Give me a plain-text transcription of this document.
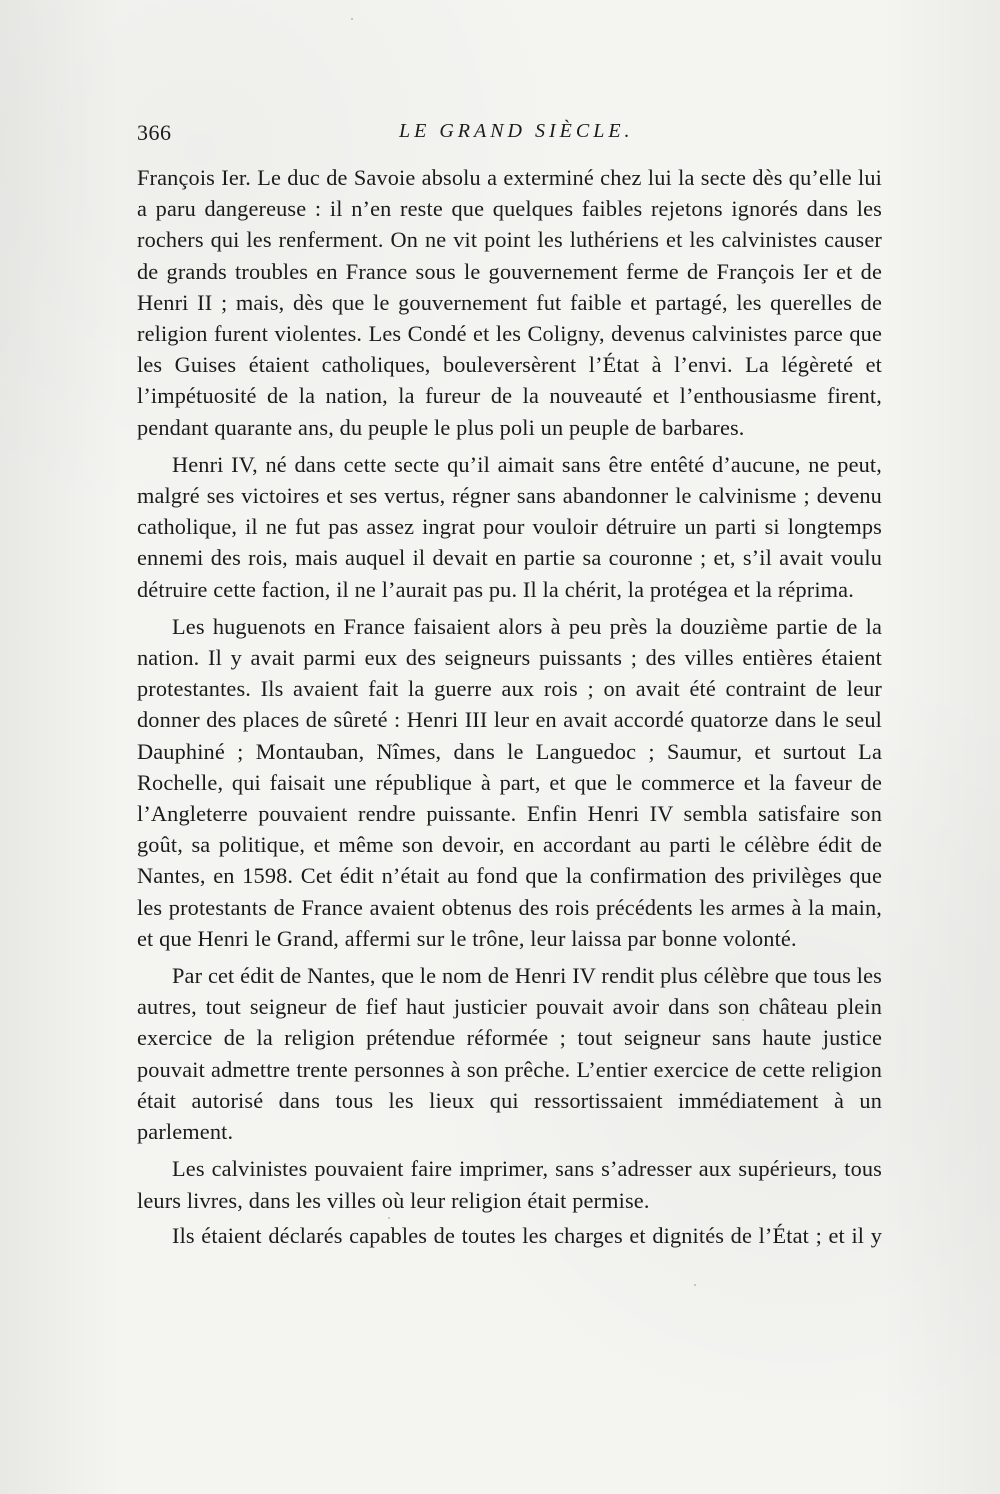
366	LE GRAND SIÈCLE.

François Ier. Le duc de Savoie absolu a exterminé chez lui la secte dès qu’elle lui a paru dangereuse : il n’en reste que quelques faibles rejetons ignorés dans les rochers qui les renferment. On ne vit point les luthériens et les calvinistes causer de grands troubles en France sous le gouvernement ferme de François Ier et de Henri II ; mais, dès que le gouvernement fut faible et partagé, les querelles de religion furent violentes. Les Condé et les Coligny, devenus calvinistes parce que les Guises étaient catholiques, bouleversèrent l’État à l’envi. La légèreté et l’impétuosité de la nation, la fureur de la nouveauté et l’enthousiasme firent, pendant quarante ans, du peuple le plus poli un peuple de barbares.

Henri IV, né dans cette secte qu’il aimait sans être entêté d’aucune, ne peut, malgré ses victoires et ses vertus, régner sans abandonner le calvinisme ; devenu catholique, il ne fut pas assez ingrat pour vouloir détruire un parti si longtemps ennemi des rois, mais auquel il devait en partie sa couronne ; et, s’il avait voulu détruire cette faction, il ne l’aurait pas pu. Il la chérit, la protégea et la réprima.

Les huguenots en France faisaient alors à peu près la douzième partie de la nation. Il y avait parmi eux des seigneurs puissants ; des villes entières étaient protestantes. Ils avaient fait la guerre aux rois ; on avait été contraint de leur donner des places de sûreté : Henri III leur en avait accordé quatorze dans le seul Dauphiné ; Montauban, Nîmes, dans le Languedoc ; Saumur, et surtout La Rochelle, qui faisait une république à part, et que le commerce et la faveur de l’Angleterre pouvaient rendre puissante. Enfin Henri IV sembla satisfaire son goût, sa politique, et même son devoir, en accordant au parti le célèbre édit de Nantes, en 1598. Cet édit n’était au fond que la confirmation des privilèges que les protestants de France avaient obtenus des rois précédents les armes à la main, et que Henri le Grand, affermi sur le trône, leur laissa par bonne volonté.

Par cet édit de Nantes, que le nom de Henri IV rendit plus célèbre que tous les autres, tout seigneur de fief haut justicier pouvait avoir dans son château plein exercice de la religion prétendue réformée ; tout seigneur sans haute justice pouvait admettre trente personnes à son prêche. L’entier exercice de cette religion était autorisé dans tous les lieux qui ressortissaient immédiatement à un parlement.

Les calvinistes pouvaient faire imprimer, sans s’adresser aux supérieurs, tous leurs livres, dans les villes où leur religion était permise.

Ils étaient déclarés capables de toutes les charges et dignités de l’État ; et il y
